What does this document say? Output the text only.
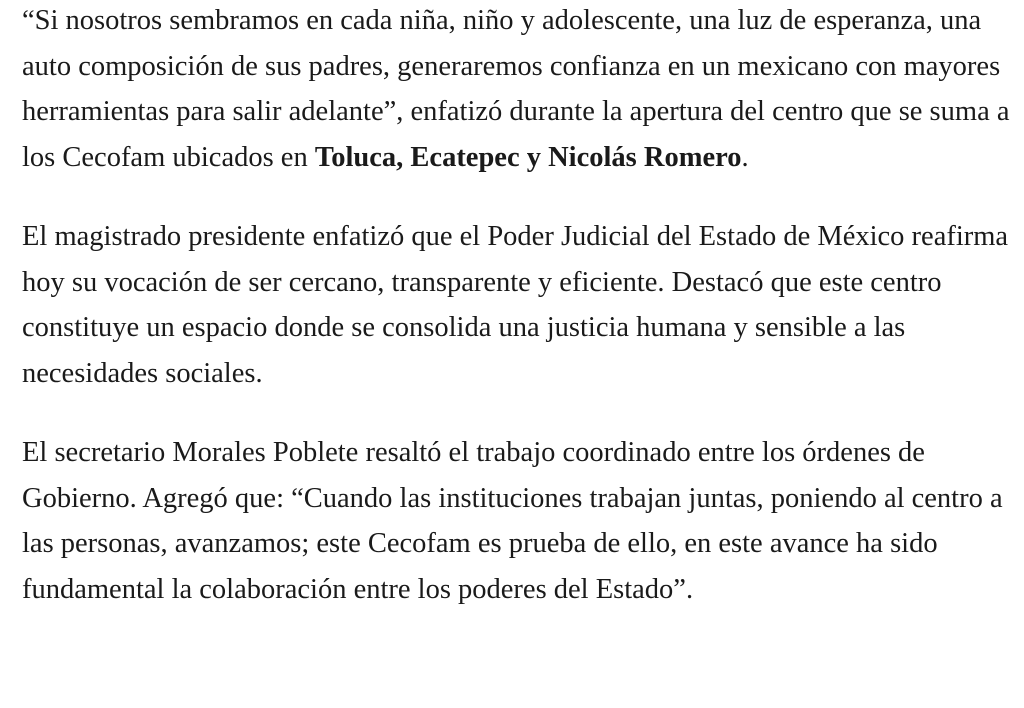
“Si nosotros sembramos en cada niña, niño y adolescente, una luz de esperanza, una auto composición de sus padres, generaremos confianza en un mexicano con mayores herramientas para salir adelante”, enfatizó durante la apertura del centro que se suma a los Cecofam ubicados en Toluca, Ecatepec y Nicolás Romero.

El magistrado presidente enfatizó que el Poder Judicial del Estado de México reafirma hoy su vocación de ser cercano, transparente y eficiente. Destacó que este centro constituye un espacio donde se consolida una justicia humana y sensible a las necesidades sociales.

El secretario Morales Poblete resaltó el trabajo coordinado entre los órdenes de Gobierno. Agregó que: “Cuando las instituciones trabajan juntas, poniendo al centro a las personas, avanzamos; este Cecofam es prueba de ello, en este avance ha sido fundamental la colaboración entre los poderes del Estado”.
